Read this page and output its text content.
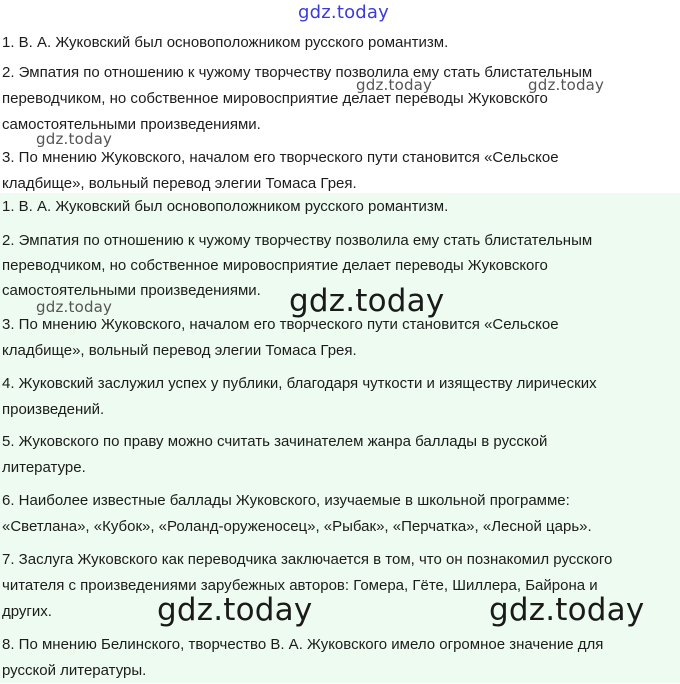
1. В. А. Жуковский был основоположником русского романтизм.

2. Эмпатия по отношению к чужому творчеству позволила ему стать блистательным

переводчиком, но собственное мировосприятие делает переводы Жуковского

самостоятельными произведениями.

3. По мнению Жуковского, началом его творческого пути становится «Сельское

кладбище», вольный перевод элегии Томаса Грея.

1. В. А. Жуковский был основоположником русского романтизм.

2. Эмпатия по отношению к чужому творчеству позволила ему стать блистательным

переводчиком, но собственное мировосприятие делает переводы Жуковского

самостоятельными произведениями.

3. По мнению Жуковского, началом его творческого пути становится «Сельское

кладбище», вольный перевод элегии Томаса Грея.

4. Жуковский заслужил успех у публики, благодаря чуткости и изяществу лирических

произведений.

5. Жуковского по праву можно считать зачинателем жанра баллады в русской

литературе.

6. Наиболее известные баллады Жуковского, изучаемые в школьной программе:

«Светлана», «Кубок», «Роланд-оруженосец», «Рыбак», «Перчатка», «Лесной царь».

7. Заслуга Жуковского как переводчика заключается в том, что он познакомил русского

читателя с произведениями зарубежных авторов: Гомера, Гёте, Шиллера, Байрона и

других.

8. По мнению Белинского, творчество В. А. Жуковского имело огромное значение для

русской литературы.

gdz.today

gdz.today	gdz.today

gdz.today

gdz.today	gdz.today

gdz.today	gdz.today
